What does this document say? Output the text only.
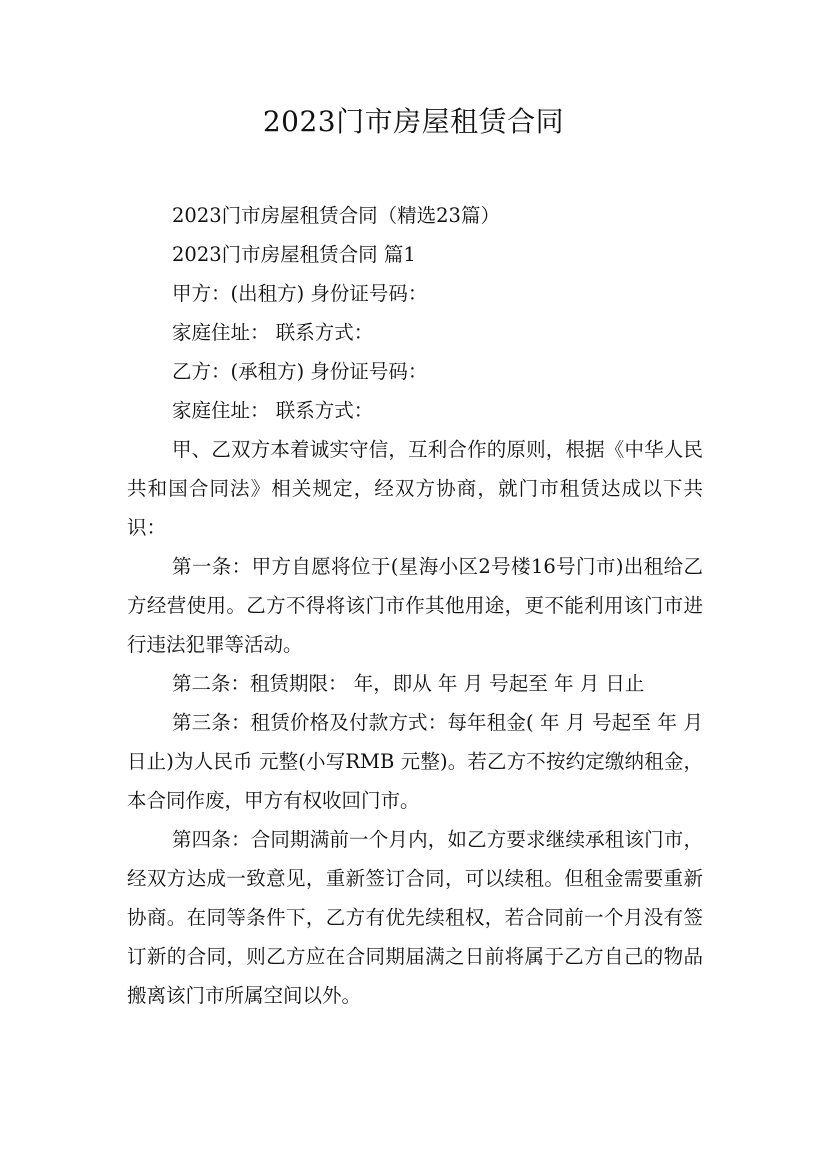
2023门市房屋租赁合同
2023门市房屋租赁合同（精选23篇）
2023门市房屋租赁合同 篇1
甲方：(出租方) 身份证号码：
家庭住址： 联系方式：
乙方：(承租方) 身份证号码：
家庭住址： 联系方式：

甲、乙双方本着诚实守信，互利合作的原则，根据《中华人民共和国合同法》相关规定，经双方协商，就门市租赁达成以下共识：

第一条：甲方自愿将位于(星海小区2号楼16号门市)出租给乙方经营使用。乙方不得将该门市作其他用途，更不能利用该门市进行违法犯罪等活动。

第二条：租赁期限： 年，即从 年 月 号起至 年 月 日止

第三条：租赁价格及付款方式：每年租金( 年 月 号起至 年 月 日止)为人民币 元整(小写RMB 元整)。若乙方不按约定缴纳租金，本合同作废，甲方有权收回门市。

第四条：合同期满前一个月内，如乙方要求继续承租该门市，经双方达成一致意见，重新签订合同，可以续租。但租金需要重新协商。在同等条件下，乙方有优先续租权，若合同前一个月没有签订新的合同，则乙方应在合同期届满之日前将属于乙方自己的物品搬离该门市所属空间以外。
